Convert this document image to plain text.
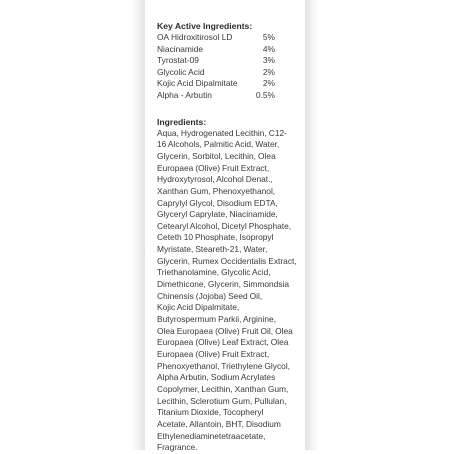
Key Active Ingredients:
OA Hidroxitirosol LD	5%
Niacinamide	4%
Tyrostat-09	3%
Glycolic Acid	2%
Kojic Acid Dipalmitate	2%
Alpha - Arbutin	0.5%
Ingredients:

Aqua, Hydrogenated Lecithin, C12-
16 Alcohols, Palmitic Acid, Water,
Glycerin, Sorbitol, Lecithin, Olea
Europaea (Olive) Fruit Extract,
Hydroxytyrosol, Alcohol Denat.,
Xanthan Gum, Phenoxyethanol,
Caprylyl Glycol, Disodium EDTA,
Glyceryl Caprylate, Niacinamide,
Cetearyl Alcohol, Dicetyl Phosphate,
Ceteth 10 Phosphate, Isopropyl
Myristate, Steareth-21, Water,
Glycerin, Rumex Occidentalis Extract,
Triethanolamine, Glycolic Acid,
Dimethicone, Glycerin, Simmondsia
Chinensis (Jojoba) Seed Oil,
Kojic Acid Dipalmitate,
Butyrospermum Parkii, Arginine,
Olea Europaea (Olive) Fruit Oil, Olea
Europaea (Olive) Leaf Extract, Olea
Europaea (Olive) Fruit Extract,
Phenoxyethanol, Triethylene Glycol,
Alpha Arbutin, Sodium Acrylates
Copolymer, Lecithin, Xanthan Gum,
Lecithin, Sclerotium Gum, Pullulan,
Titanium Dioxide, Tocopheryl
Acetate, Allantoin, BHT, Disodium
Ethylenediaminetetraacetate,
Fragrance.
